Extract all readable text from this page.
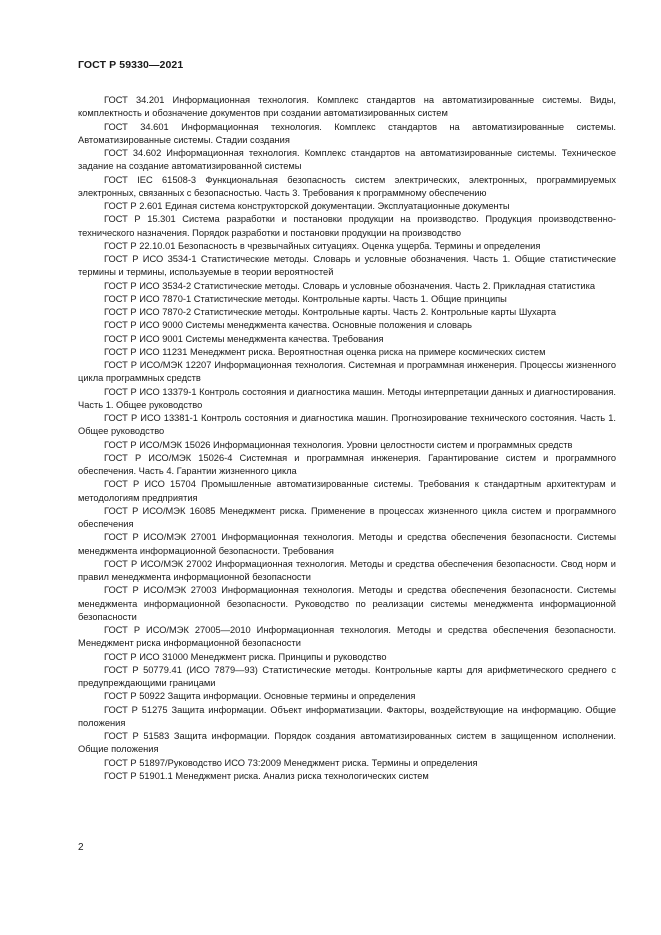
ГОСТ Р 59330—2021
ГОСТ 34.201 Информационная технология. Комплекс стандартов на автоматизированные системы. Виды, комплектность и обозначение документов при создании автоматизированных систем
ГОСТ 34.601 Информационная технология. Комплекс стандартов на автоматизированные системы. Автоматизированные системы. Стадии создания
ГОСТ 34.602 Информационная технология. Комплекс стандартов на автоматизированные системы. Техническое задание на создание автоматизированной системы
ГОСТ IEC 61508-3 Функциональная безопасность систем электрических, электронных, программируемых электронных, связанных с безопасностью. Часть 3. Требования к программному обеспечению
ГОСТ Р 2.601 Единая система конструкторской документации. Эксплуатационные документы
ГОСТ Р 15.301 Система разработки и постановки продукции на производство. Продукция производственно-технического назначения. Порядок разработки и постановки продукции на производство
ГОСТ Р 22.10.01 Безопасность в чрезвычайных ситуациях. Оценка ущерба. Термины и определения
ГОСТ Р ИСО 3534-1 Статистические методы. Словарь и условные обозначения. Часть 1. Общие статистические термины и термины, используемые в теории вероятностей
ГОСТ Р ИСО 3534-2 Статистические методы. Словарь и условные обозначения. Часть 2. Прикладная статистика
ГОСТ Р ИСО 7870-1 Статистические методы. Контрольные карты. Часть 1. Общие принципы
ГОСТ Р ИСО 7870-2 Статистические методы. Контрольные карты. Часть 2. Контрольные карты Шухарта
ГОСТ Р ИСО 9000 Системы менеджмента качества. Основные положения и словарь
ГОСТ Р ИСО 9001 Системы менеджмента качества. Требования
ГОСТ Р ИСО 11231 Менеджмент риска. Вероятностная оценка риска на примере космических систем
ГОСТ Р ИСО/МЭК 12207 Информационная технология. Системная и программная инженерия. Процессы жизненного цикла программных средств
ГОСТ Р ИСО 13379-1 Контроль состояния и диагностика машин. Методы интерпретации данных и диагностирования. Часть 1. Общее руководство
ГОСТ Р ИСО 13381-1 Контроль состояния и диагностика машин. Прогнозирование технического состояния. Часть 1. Общее руководство
ГОСТ Р ИСО/МЭК 15026 Информационная технология. Уровни целостности систем и программных средств
ГОСТ Р ИСО/МЭК 15026-4 Системная и программная инженерия. Гарантирование систем и программного обеспечения. Часть 4. Гарантии жизненного цикла
ГОСТ Р ИСО 15704 Промышленные автоматизированные системы. Требования к стандартным архитектурам и методологиям предприятия
ГОСТ Р ИСО/МЭК 16085 Менеджмент риска. Применение в процессах жизненного цикла систем и программного обеспечения
ГОСТ Р ИСО/МЭК 27001 Информационная технология. Методы и средства обеспечения безопасности. Системы менеджмента информационной безопасности. Требования
ГОСТ Р ИСО/МЭК 27002 Информационная технология. Методы и средства обеспечения безопасности. Свод норм и правил менеджмента информационной безопасности
ГОСТ Р ИСО/МЭК 27003 Информационная технология. Методы и средства обеспечения безопасности. Системы менеджмента информационной безопасности. Руководство по реализации системы менеджмента информационной безопасности
ГОСТ Р ИСО/МЭК 27005—2010 Информационная технология. Методы и средства обеспечения безопасности. Менеджмент риска информационной безопасности
ГОСТ Р ИСО 31000 Менеджмент риска. Принципы и руководство
ГОСТ Р 50779.41 (ИСО 7879—93) Статистические методы. Контрольные карты для арифметического среднего с предупреждающими границами
ГОСТ Р 50922 Защита информации. Основные термины и определения
ГОСТ Р 51275 Защита информации. Объект информатизации. Факторы, воздействующие на информацию. Общие положения
ГОСТ Р 51583 Защита информации. Порядок создания автоматизированных систем в защищенном исполнении. Общие положения
ГОСТ Р 51897/Руководство ИСО 73:2009 Менеджмент риска. Термины и определения
ГОСТ Р 51901.1 Менеджмент риска. Анализ риска технологических систем
2
